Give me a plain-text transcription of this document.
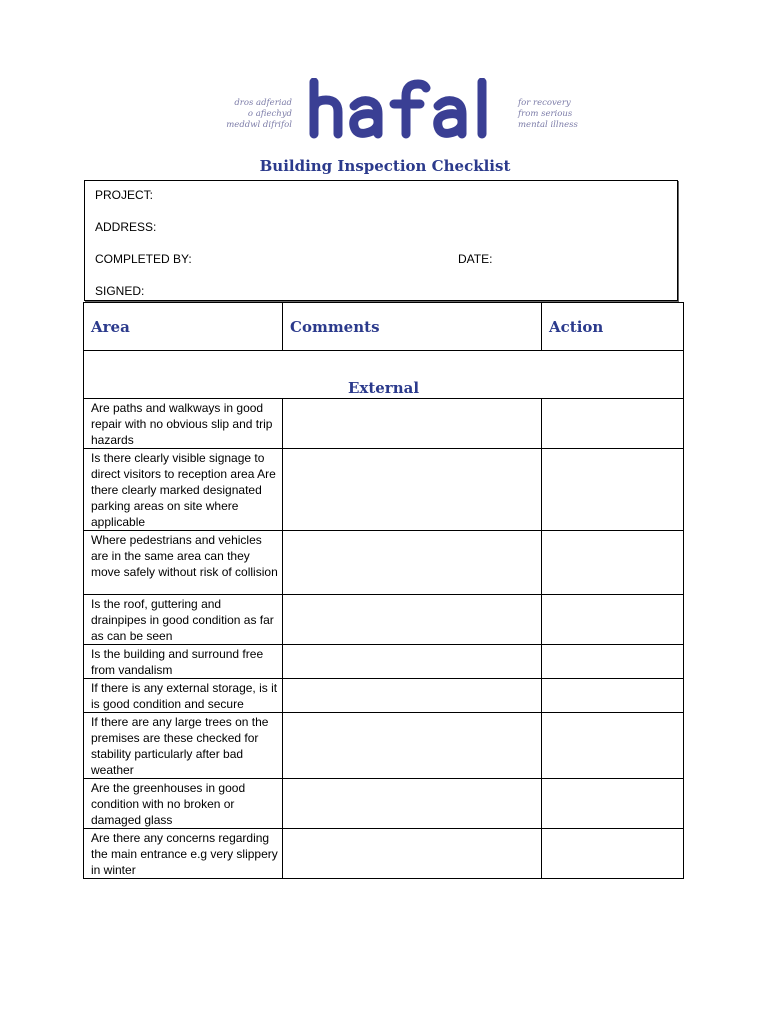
dros adferiad
o afiechyd
meddwl difrifol
for recovery
from serious
mental illness
Building Inspection Checklist
PROJECT:
ADDRESS:
COMPLETED BY:	DATE:
SIGNED:
Area	Comments	Action
External		

Are paths and walkways in good repair with no obvious slip and trip hazards		

Is there clearly visible signage to direct visitors to reception area Are there clearly marked designated parking areas on site where applicable		

Where pedestrians and vehicles are in the same area can they move safely without risk of collision		

Is the roof, guttering and drainpipes in good condition as far as can be seen		

Is the building and surround free from vandalism		

If there is any external storage, is it is good condition and secure		

If there are any large trees on the premises are these checked for stability particularly after bad weather		

Are the greenhouses in good condition with no broken or damaged glass		

Are there any concerns regarding the main entrance e.g very slippery in winter		
